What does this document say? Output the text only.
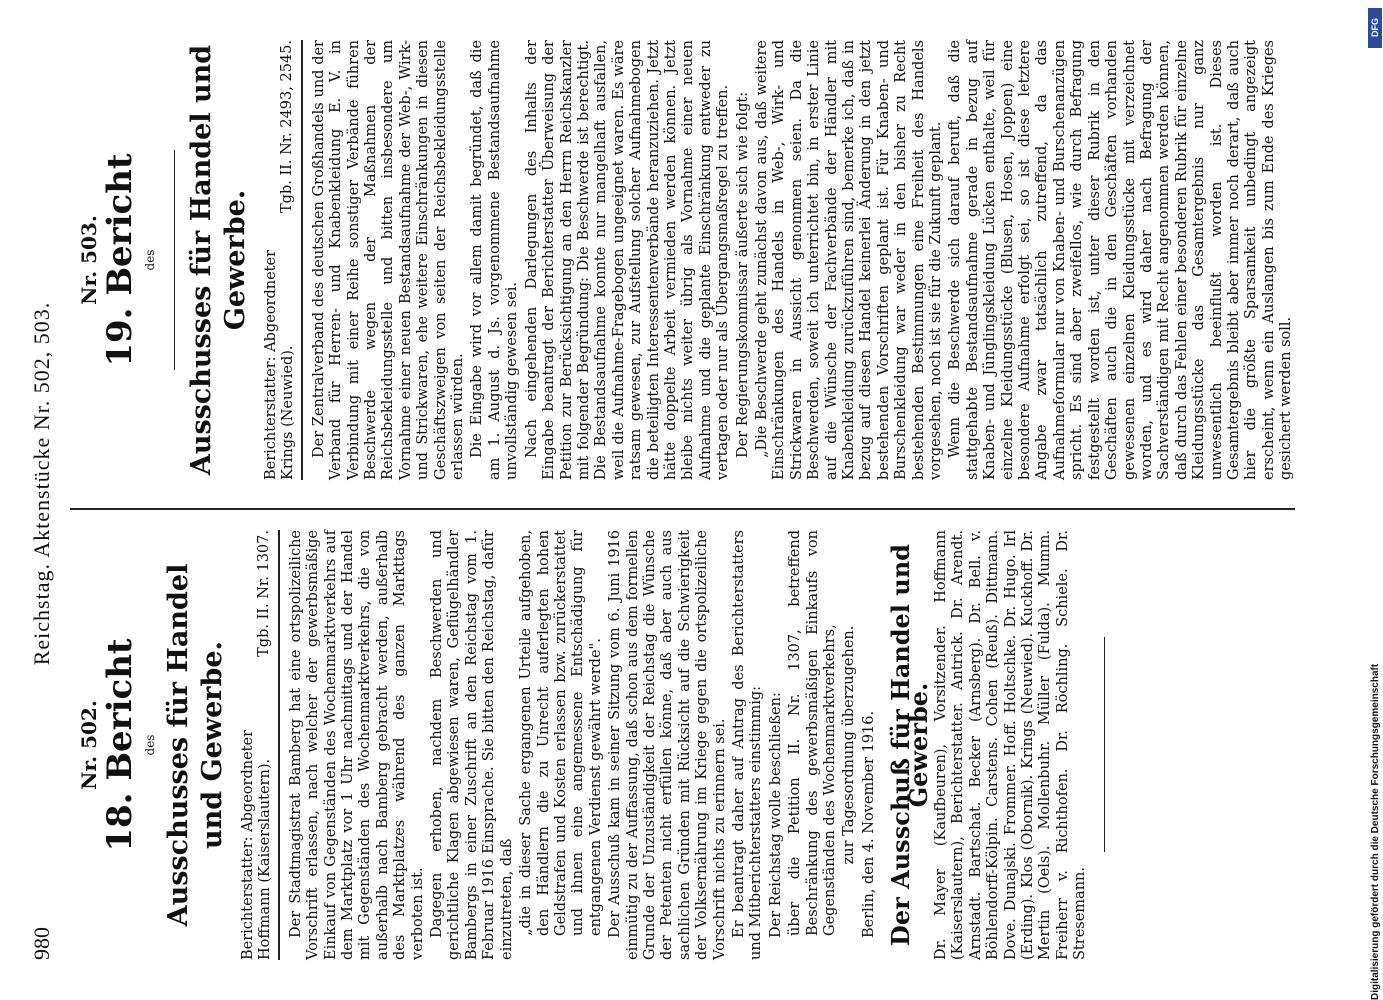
980
Reichstag. Aktenstücke Nr. 502, 503.
Nr. 502. 18. Bericht des Ausschusses für Handel und Gewerbe. Berichterstatter: Abgeordneter Hoffmann (Kaiserslautern).
Tgb. II. Nr. 1307. Der Stadtmagistrat Bamberg hat eine ortspolizeiliche Vorschrift erlassen, nach welcher der gewerbsmäßige Einkauf von Gegenständen des Wochenmarktverkehrs auf dem Marktplatz vor 1 Uhr nachmittags und der Handel mit Gegenständen des Wochenmarktverkehrs, die von außerhalb nach Bamberg gebracht werden, außerhalb des Marktplatzes während des ganzen Markttags verboten ist. Dagegen erhoben, nachdem Beschwerden und gerichtliche Klagen abgewiesen waren, Geflügelhändler Bambergs in einer Zuschrift an den Reichstag vom 1. Februar 1916 Einsprache. Sie bitten den Reichstag, dafür einzutreten, daß „die in dieser Sache ergangenen Urteile aufgehoben, den Händlern die zu Unrecht auferlegten hohen Geldstrafen und Kosten erlassen bzw. zurückerstattet und ihnen eine angemessene Entschädigung für entgangenen Verdienst gewährt werde". Der Ausschuß kam in seiner Sitzung vom 6. Juni 1916 einmütig zu der Auffassung, daß schon aus dem formellen Grunde der Unzuständigkeit der Reichstag die Wünsche der Petenten nicht erfüllen könne, daß aber auch aus sachlichen Gründen mit Rücksicht auf die Schwierigkeit der Volksernährung im Kriege gegen die ortspolizeiliche Vorschrift nichts zu erinnern sei. Er beantragt daher auf Antrag des Berichterstatters und Mitberichterstatters einstimmig: Der Reichstag wolle beschließen: über die Petition II. Nr. 1307, betreffend Beschränkung des gewerbsmäßigen Einkaufs von Gegenständen des Wochenmarktverkehrs, zur Tagesordnung überzugehen. Berlin, den 4. November 1916. Der Ausschuß für Handel und Gewerbe. Dr. Mayer (Kaufbeuren), Vorsitzender. Hoffmann (Kaiserslautern), Berichterstatter. Antrick. Dr. Arendt. Arnstadt. Bartschat. Becker (Arnsberg). Dr. Bell. v. Böhlendorff-Kölpin. Carstens. Cohen (Reuß). Dittmann. Dove. Dunajski. Frommer. Hoff. Holtschke. Dr. Hugo. Irl (Erding). Klos (Obornik). Krings (Neuwied). Kuckhoff. Dr. Mertin (Oels). Mollenbuhr. Müller (Fulda). Mumm. Freiherr v. Richthofen. Dr. Röchling. Schiele. Dr. Stresemann.

Nr. 503. 19. Bericht des Ausschusses für Handel und Gewerbe. Berichterstatter: Abgeordneter Krings (Neuwied).
Tgb. II. Nr. 2493, 2545. Der Zentralverband des deutschen Großhandels und der Verband für Herren- und Knabenkleidung E. V. in Verbindung mit einer Reihe sonstiger Verbände führen Beschwerde wegen der Maßnahmen der Reichsbekleidungsstelle und bitten insbesondere um Vornahme einer neuen Bestandsaufnahme der Web-, Wirk- und Strickwaren, ehe weitere Einschränkungen in diesen Geschäftszweigen von seiten der Reichsbekleidungsstelle erlassen würden. Die Eingabe wird vor allem damit begründet, daß die am 1. August d. Js. vorgenommene Bestandsaufnahme unvollständig gewesen sei. Nach eingehenden Darlegungen des Inhalts der Eingabe beantragt der Berichterstatter Überweisung der Petition zur Berücksichtigung an den Herrn Reichskanzler mit folgender Begründung: Die Beschwerde ist berechtigt. Die Bestandsaufnahme konnte nur mangelhaft ausfallen, weil die Aufnahme-Fragebogen ungeeignet waren. Es wäre ratsam gewesen, zur Aufstellung solcher Aufnahmebogen die beteiligten Interessentenverbände heranzuziehen. Jetzt hätte doppelte Arbeit vermieden werden können. Jetzt bleibe nichts weiter übrig als Vornahme einer neuen Aufnahme und die geplante Einschränkung entweder zu vertagen oder nur als Übergangsmaßregel zu treffen. Der Regierungskommissar äußerte sich wie folgt: „Die Beschwerde geht zunächst davon aus, daß weitere Einschränkungen des Handels in Web-, Wirk- und Strickwaren in Aussicht genommen seien. Da die Beschwerden, soweit ich unterrichtet bin, in erster Linie auf die Wünsche der Fachverbände der Händler mit Knabenkleidung zurückzuführen sind, bemerke ich, daß in bezug auf diesen Handel keinerlei Änderung in den jetzt bestehenden Vorschriften geplant ist. Für Knaben- und Burschenkleidung war weder in den bisher zu Recht bestehenden Bestimmungen eine Freiheit des Handels vorgesehen, noch ist sie für die Zukunft geplant. Wenn die Beschwerde sich darauf beruft, daß die stattgehabte Bestandsaufnahme gerade in bezug auf Knaben- und Jünglingskleidung Lücken enthalte, weil für einzelne Kleidungsstücke (Blusen, Hosen, Joppen) eine besondere Aufnahme erfolgt sei, so ist diese letztere Angabe zwar tatsächlich zutreffend, da das Aufnahmeformular nur von Knaben- und Burschenanzügen spricht. Es sind aber zweifellos, wie durch Befragung festgestellt worden ist, unter dieser Rubrik in den Geschäften auch die in den Geschäften vorhanden gewesenen einzelnen Kleidungsstücke mit verzeichnet worden, und es wird daher nach Befragung der Sachverständigen mit Recht angenommen werden können, daß durch das Fehlen einer besonderen Rubrik für einzelne Kleidungsstücke das Gesamtergebnis nur ganz unwesentlich beeinflußt worden ist. Dieses Gesamtergebnis bleibt aber immer noch derart, daß auch hier die größte Sparsamkeit unbedingt angezeigt erscheint, wenn ein Auslangen bis zum Ende des Krieges gesichert werden soll.

DFG
Digitalisierung gefördert durch die Deutsche Forschungsgemeinschaft
